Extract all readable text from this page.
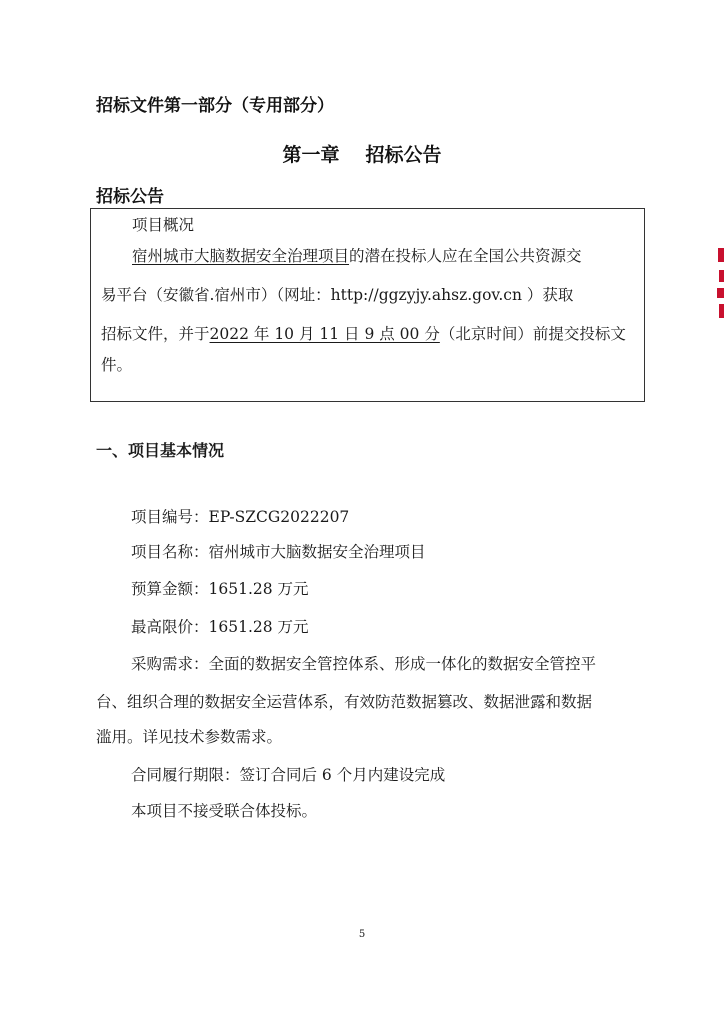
招标文件第一部分（专用部分）

第一章 招标公告

招标公告

项目概况

宿州城市大脑数据安全治理项目的潜在投标人应在全国公共资源交

易平台（安徽省.宿州市）（网址：http://ggzyjy.ahsz.gov.cn ）获取

招标文件，并于2022 年 10 月 11 日 9 点 00 分（北京时间）前提交投标文

件。

一、项目基本情况

项目编号：EP-SZCG2022207

项目名称：宿州城市大脑数据安全治理项目

预算金额：1651.28 万元

最高限价：1651.28 万元

采购需求：全面的数据安全管控体系、形成一体化的数据安全管控平

台、组织合理的数据安全运营体系，有效防范数据篡改、数据泄露和数据

滥用。详见技术参数需求。

合同履行期限：签订合同后 6 个月内建设完成

本项目不接受联合体投标。

5
